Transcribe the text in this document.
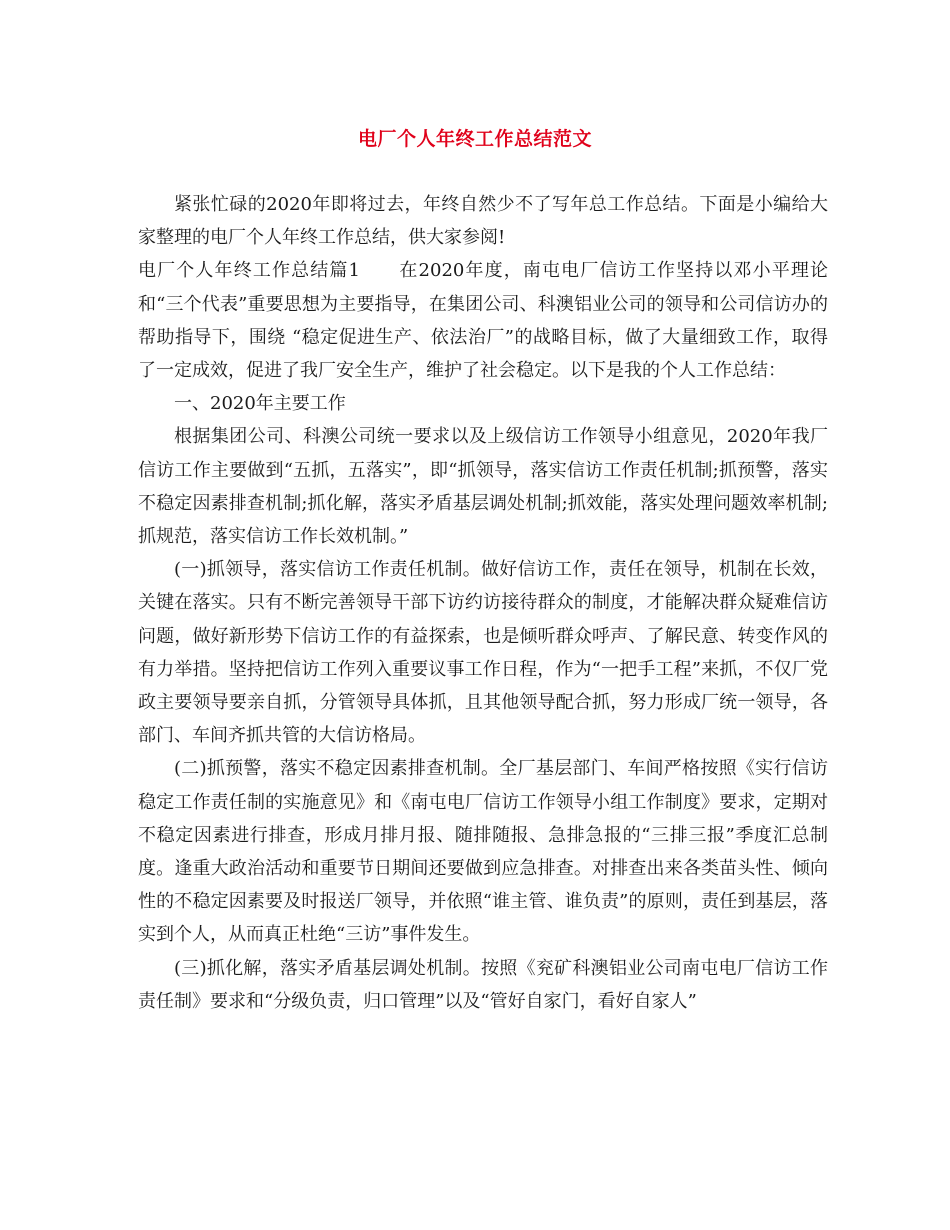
电厂个人年终工作总结范文

紧张忙碌的2020年即将过去，年终自然少不了写年总工作总结。下面是小编给大家整理的电厂个人年终工作总结，供大家参阅!

电厂个人年终工作总结篇1　　在2020年度，南屯电厂信访工作坚持以邓小平理论和“三个代表”重要思想为主要指导，在集团公司、科澳铝业公司的领导和公司信访办的帮助指导下，围绕 “稳定促进生产、依法治厂”的战略目标，做了大量细致工作，取得了一定成效，促进了我厂安全生产，维护了社会稳定。以下是我的个人工作总结：

一、2020年主要工作

根据集团公司、科澳公司统一要求以及上级信访工作领导小组意见，2020年我厂信访工作主要做到“五抓，五落实”，即“抓领导，落实信访工作责任机制;抓预警，落实不稳定因素排查机制;抓化解，落实矛盾基层调处机制;抓效能，落实处理问题效率机制;抓规范，落实信访工作长效机制。”

(一)抓领导，落实信访工作责任机制。做好信访工作，责任在领导，机制在长效，关键在落实。只有不断完善领导干部下访约访接待群众的制度，才能解决群众疑难信访问题，做好新形势下信访工作的有益探索，也是倾听群众呼声、了解民意、转变作风的有力举措。坚持把信访工作列入重要议事工作日程，作为“一把手工程”来抓，不仅厂党政主要领导要亲自抓，分管领导具体抓，且其他领导配合抓，努力形成厂统一领导，各部门、车间齐抓共管的大信访格局。

(二)抓预警，落实不稳定因素排查机制。全厂基层部门、车间严格按照《实行信访稳定工作责任制的实施意见》和《南屯电厂信访工作领导小组工作制度》要求，定期对不稳定因素进行排查，形成月排月报、随排随报、急排急报的“三排三报”季度汇总制度。逢重大政治活动和重要节日期间还要做到应急排查。对排查出来各类苗头性、倾向性的不稳定因素要及时报送厂领导，并依照“谁主管、谁负责”的原则，责任到基层，落实到个人，从而真正杜绝“三访”事件发生。

(三)抓化解，落实矛盾基层调处机制。按照《兖矿科澳铝业公司南屯电厂信访工作责任制》要求和“分级负责，归口管理”以及“管好自家门，看好自家人”
